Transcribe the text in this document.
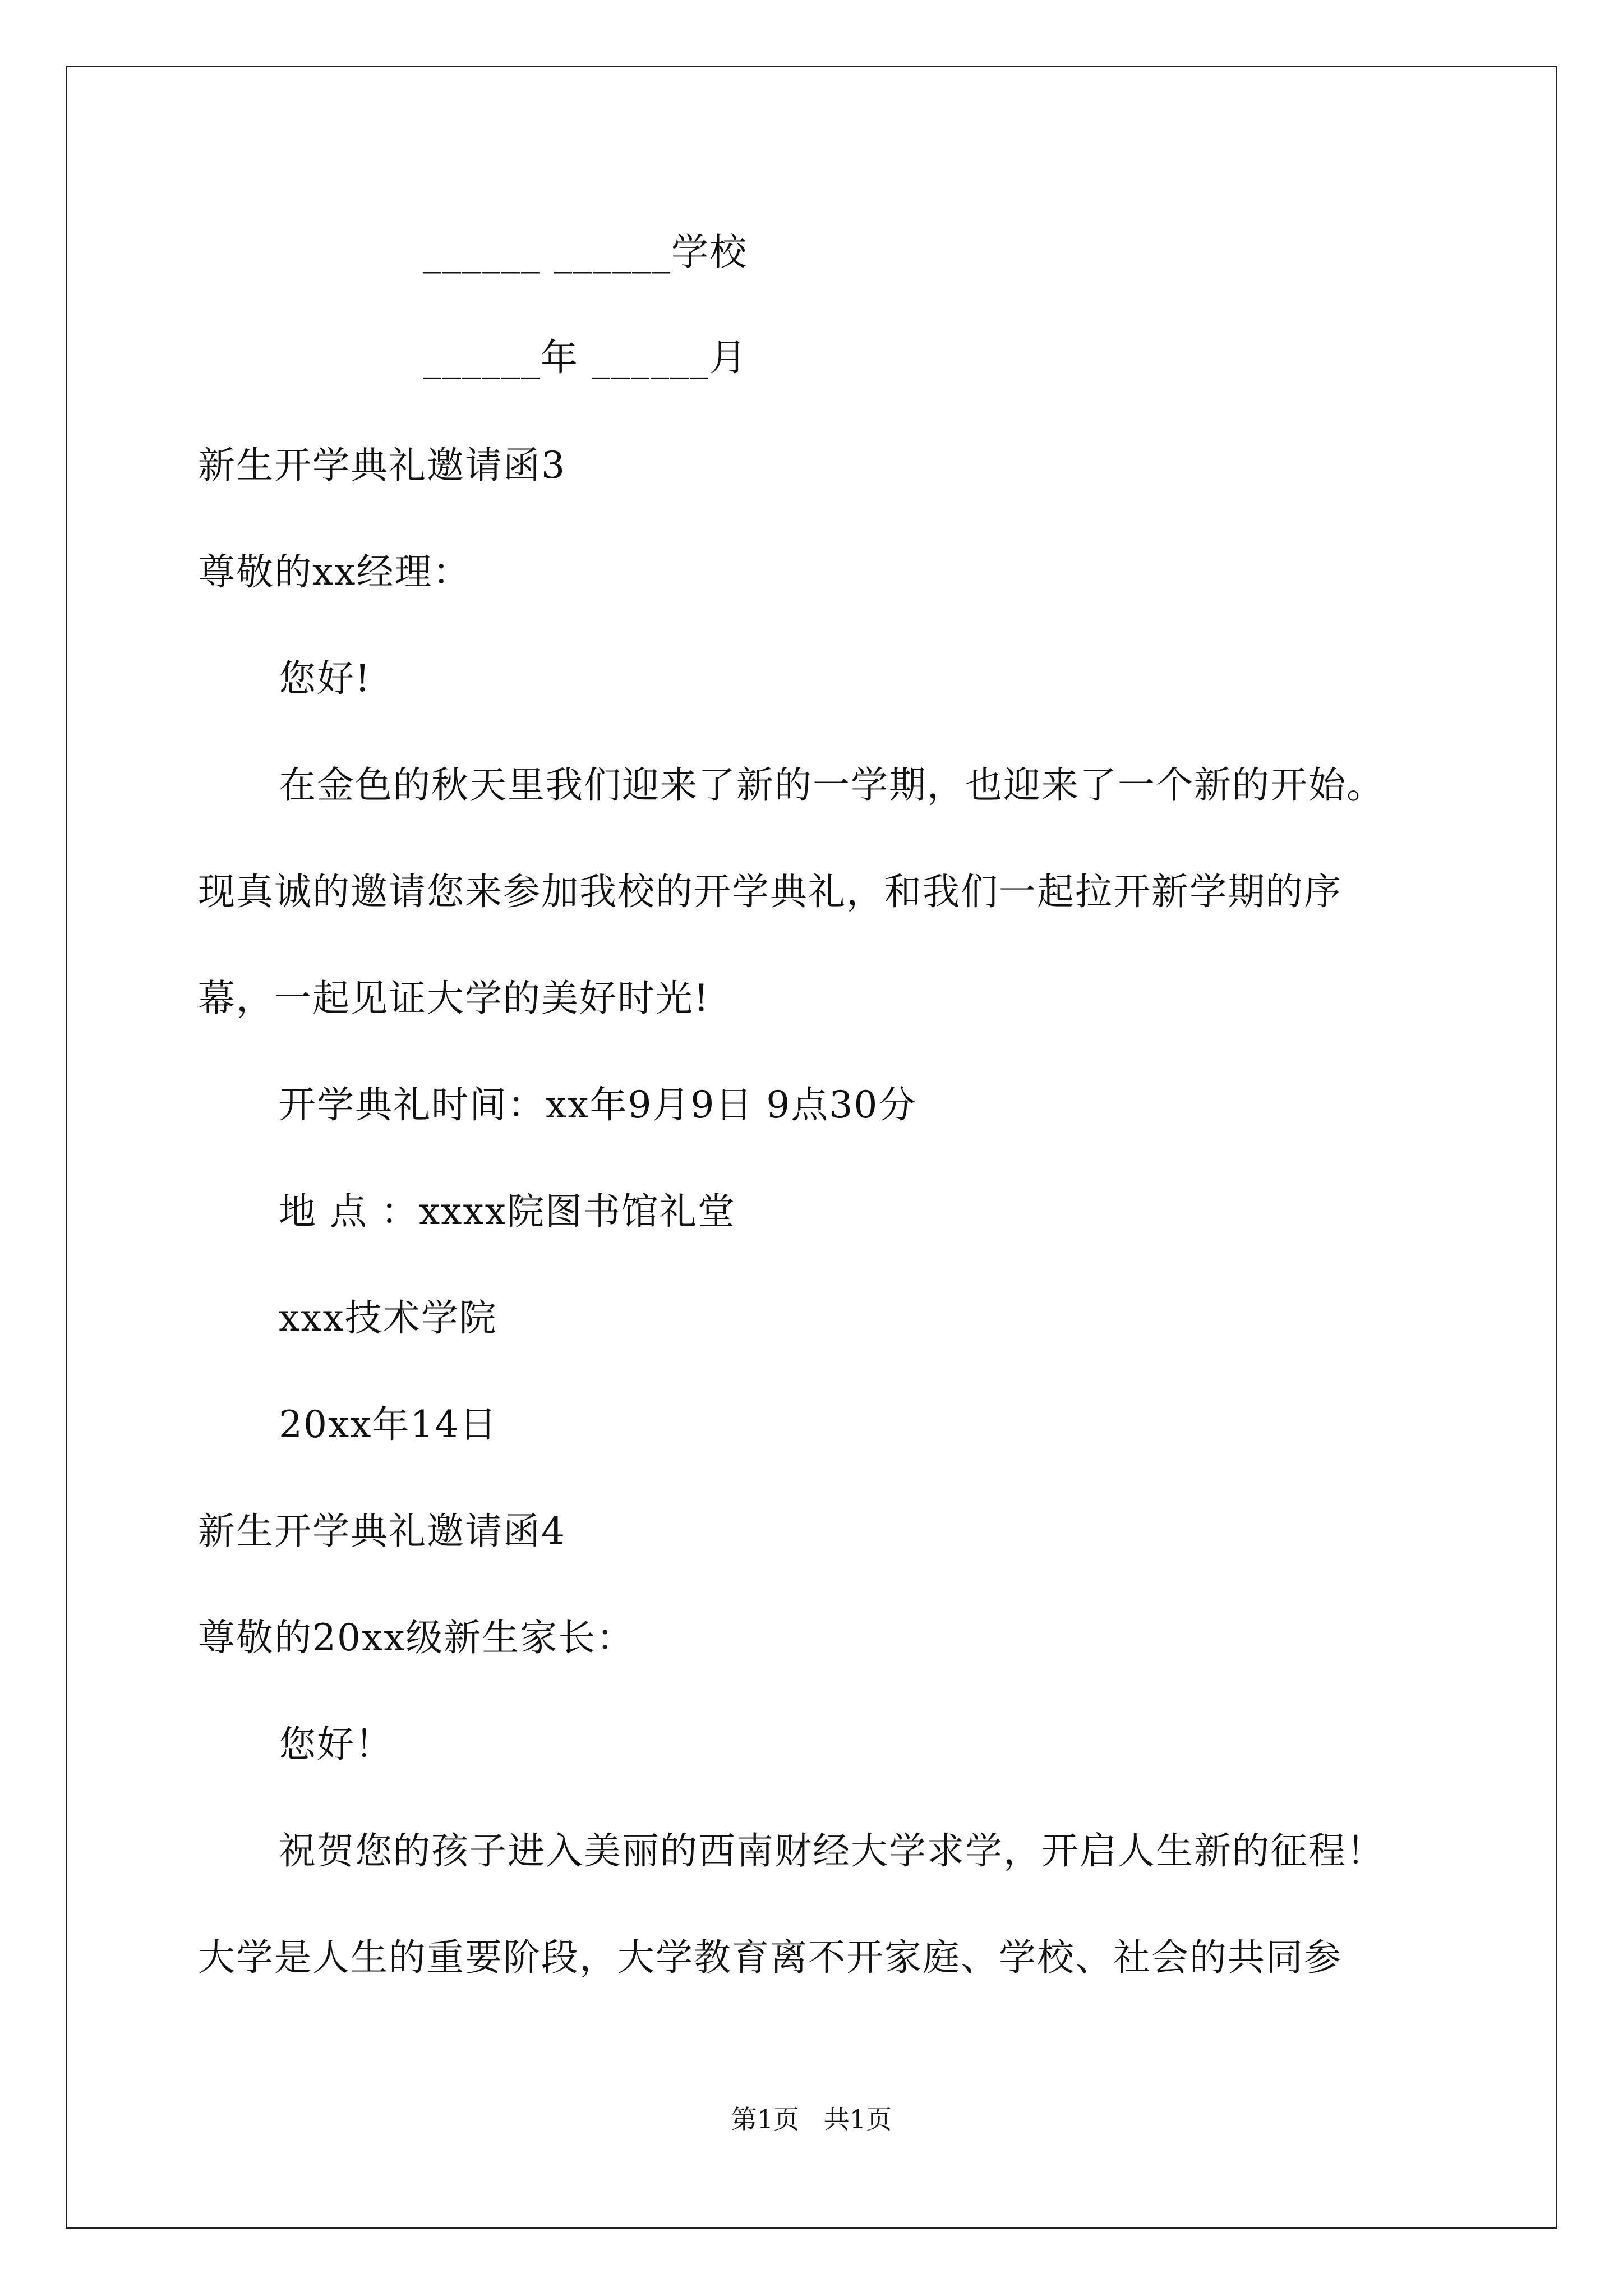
______ ______学校
______年 ______月
新生开学典礼邀请函3
尊敬的xx经理：
您好!
在金色的秋天里我们迎来了新的一学期，也迎来了一个新的开始。
现真诚的邀请您来参加我校的开学典礼，和我们一起拉开新学期的序
幕，一起见证大学的美好时光!
开学典礼时间：xx年9月9日 9点30分
地 点 ：xxxx院图书馆礼堂
xxx技术学院
20xx年14日
新生开学典礼邀请函4
尊敬的20xx级新生家长：
您好！
祝贺您的孩子进入美丽的西南财经大学求学，开启人生新的征程！
大学是人生的重要阶段，大学教育离不开家庭、学校、社会的共同参
第1页   共1页
